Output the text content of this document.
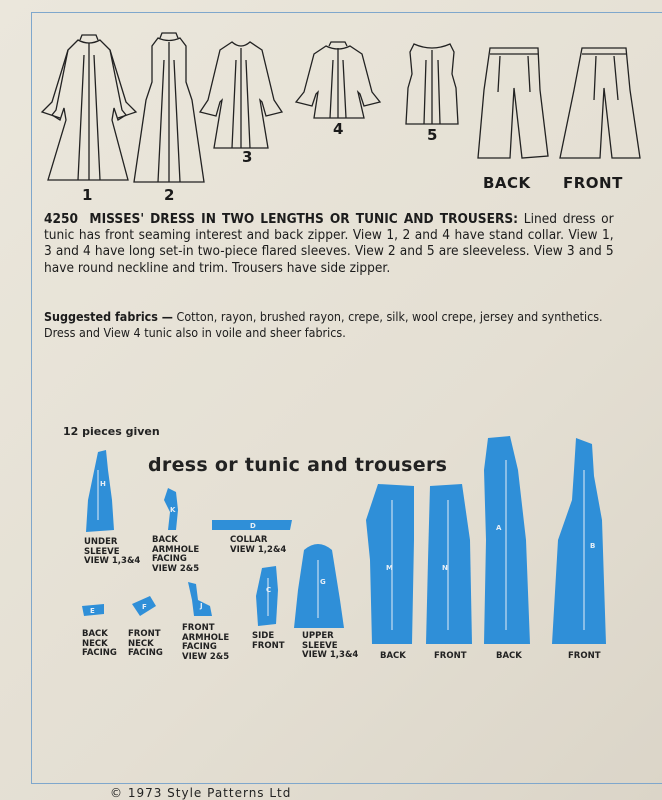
1	2
3
4	5
BACK FRONT
4250 MISSES' DRESS IN TWO LENGTHS OR TUNIC AND TROUSERS: Lined dress or tunic has front seaming interest and back zipper. View 1, 2 and 4 have stand collar. View 1, 3 and 4 have long set-in two-piece flared sleeves. View 2 and 5 are sleeveless. View 3 and 5 have round neckline and trim. Trousers have side zipper.
Suggested fabrics — Cotton, rayon, brushed rayon, crepe, silk, wool crepe, jersey and synthetics. Dress and View 4 tunic also in voile and sheer fabrics.
12 pieces given
dress or tunic and trousers
H
K
D
E	F	J
C
G
M	N
A
B
UNDER
SLEEVE
VIEW 1,3&4
BACK
ARMHOLE
FACING
VIEW 2&5
COLLAR
VIEW 1,2&4
BACK
NECK
FACING
FRONT
NECK
FACING
FRONT
ARMHOLE
FACING
VIEW 2&5
SIDE
FRONT
UPPER
SLEEVE
VIEW 1,3&4	BACK	FRONT	BACK	FRONT
© 1973 Style Patterns Ltd
